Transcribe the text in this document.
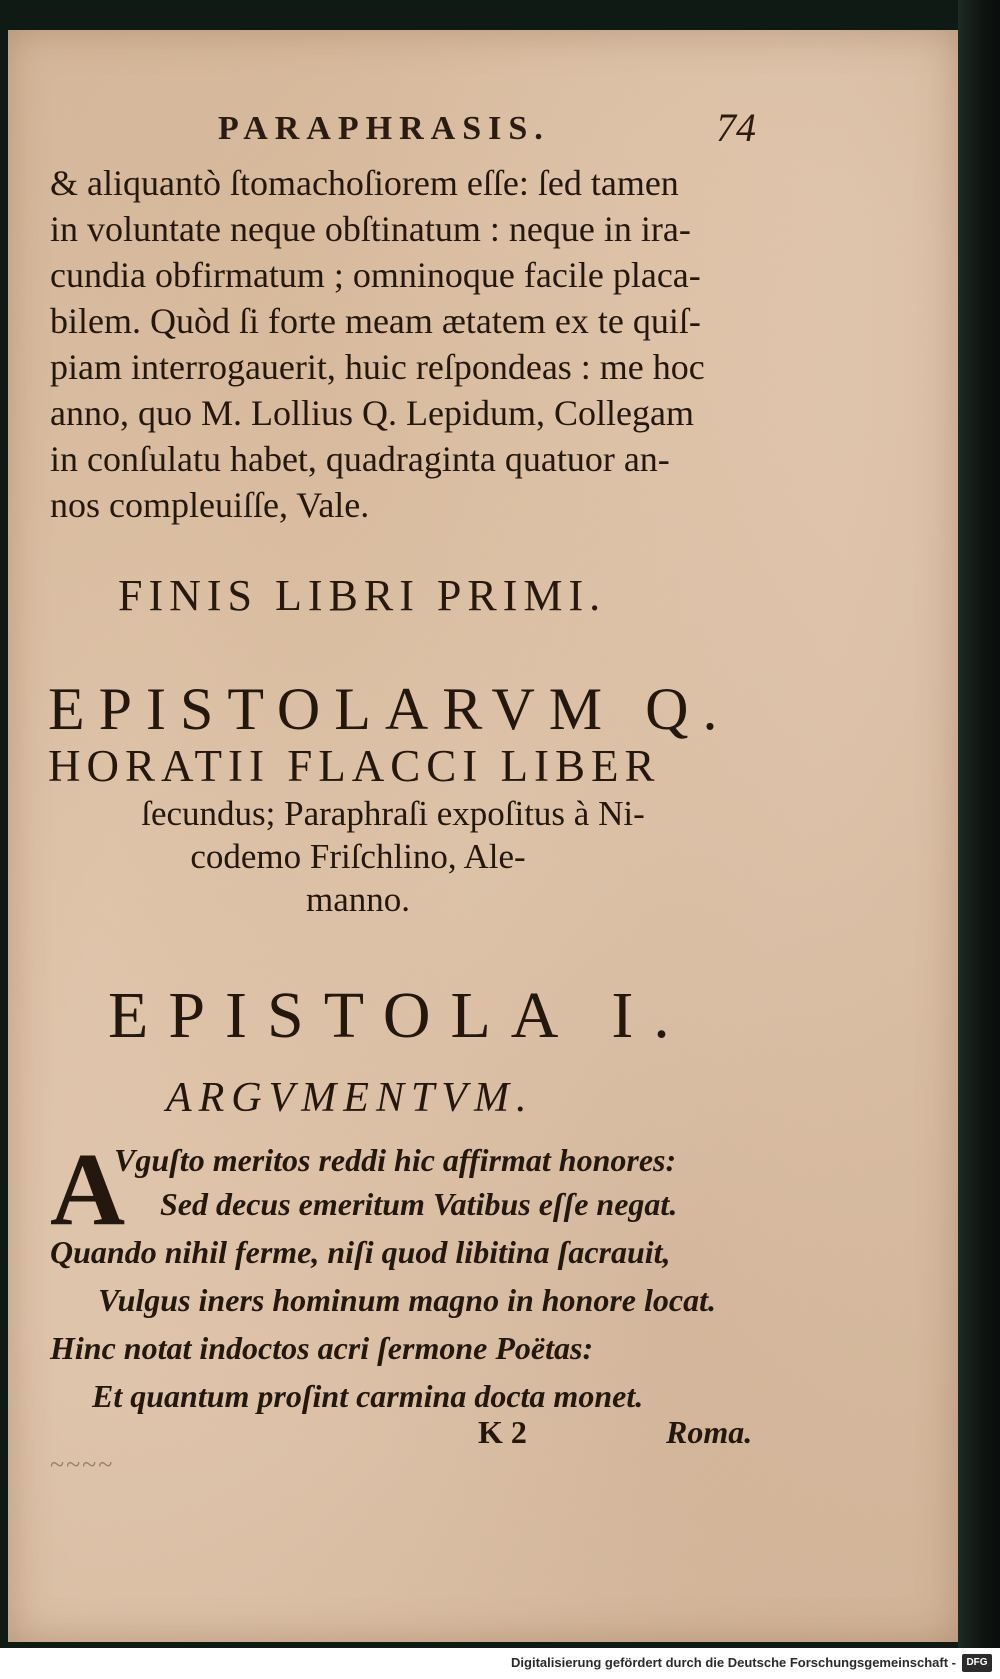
PARAPHRASIS.	74
& aliquantò ſtomachoſiorem eſſe: ſed tamen
in voluntate neque obſtinatum : neque in ira-
cundia obfirmatum ; omninoque facile placa-
bilem. Quòd ſi forte meam ætatem ex te quiſ-
piam interrogauerit, huic reſpondeas : me hoc
anno, quo M. Lollius Q. Lepidum, Collegam
in conſulatu habet, quadraginta quatuor an-
nos compleuiſſe, Vale.
FINIS LIBRI PRIMI.
EPISTOLARVM Q.
HORATII FLACCI LIBER
ſecundus; Paraphraſi expoſitus à Ni-
codemo Friſchlino, Ale-
manno.
EPISTOLA I.
ARGVMENTVM.
A
Vguſto meritos reddi hic affirmat honores:
Sed decus emeritum Vatibus eſſe negat.
Quando nihil ferme, niſi quod libitina ſacrauit,
Vulgus iners hominum magno in honore locat.
Hinc notat indoctos acri ſermone Poëtas:
Et quantum proſint carmina docta monet.
K 2	Roma.
~~~~
Digitalisierung gefördert durch die Deutsche Forschungsgemeinschaft -	DFG
